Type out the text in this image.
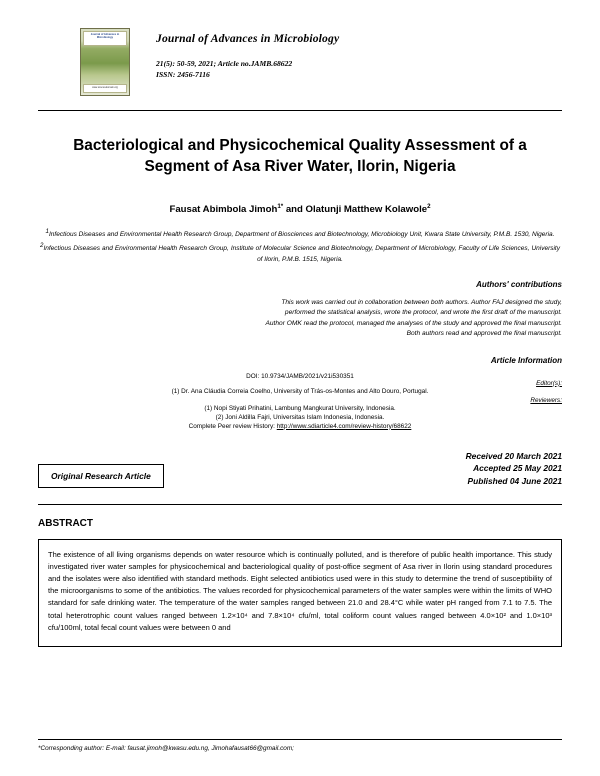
Journal of Advances in Microbiology
www.sciencedomain.org
Journal of Advances in Microbiology
21(5): 50-59, 2021; Article no.JAMB.68622
ISSN: 2456-7116
Bacteriological and Physicochemical Quality Assessment of a Segment of Asa River Water, Ilorin, Nigeria
Fausat Abimbola Jimoh$^{1*}$ and Olatunji Matthew Kolawole$^2$
$^1$Infectious Diseases and Environmental Health Research Group, Department of Biosciences and Biotechnology, Microbiology Unit, Kwara State University, P.M.B. 1530, Nigeria.
$^2$Infectious Diseases and Environmental Health Research Group, Institute of Molecular Science and Biotechnology, Department of Microbiology, Faculty of Life Sciences, University of Ilorin, P.M.B. 1515, Nigeria.
Authors' contributions
This work was carried out in collaboration between both authors. Author FAJ designed the study,
performed the statistical analysis, wrote the protocol, and wrote the first draft of the manuscript.
Author OMK read the protocol, managed the analyses of the study and approved the final manuscript.
Both authors read and approved the final manuscript.
Article Information
DOI: 10.9734/JAMB/2021/v21i530351
Editor(s):
(1) Dr. Ana Cláudia Correia Coelho, University of Trás-os-Montes and Alto Douro, Portugal.
Reviewers:
(1) Nopi Stiyati Prihatini, Lambung Mangkurat University, Indonesia.
(2) Joni Aldilla Fajri, Universitas Islam Indonesia, Indonesia.
Complete Peer review History: http://www.sdiarticle4.com/review-history/68622
Original Research Article
Received 20 March 2021
Accepted 25 May 2021
Published 04 June 2021
ABSTRACT

The existence of all living organisms depends on water resource which is continually polluted, and is therefore of public health importance. This study investigated river water samples for physicochemical and bacteriological quality of post-office segment of Asa river in Ilorin using standard procedures and the isolates were also identified with standard methods. Eight selected antibiotics used were in this study to determine the trend of susceptibility of the microorganisms to some of the antibiotics. The values recorded for physicochemical parameters of the water samples were within the limits of WHO standard for safe drinking water. The temperature of the water samples ranged between 21.0 and 28.4°C while water pH ranged from 7.1 to 7.5. The total heterotrophic count values ranged between 1.2×10⁴ and 7.8×10⁴ cfu/ml, total coliform count values ranged between 4.0×10² and 1.0×10³ cfu/100ml, total fecal count values were between 0 and

*Corresponding author: E-mail: fausat.jimoh@kwasu.edu.ng, Jimohafausat66@gmail.com;
